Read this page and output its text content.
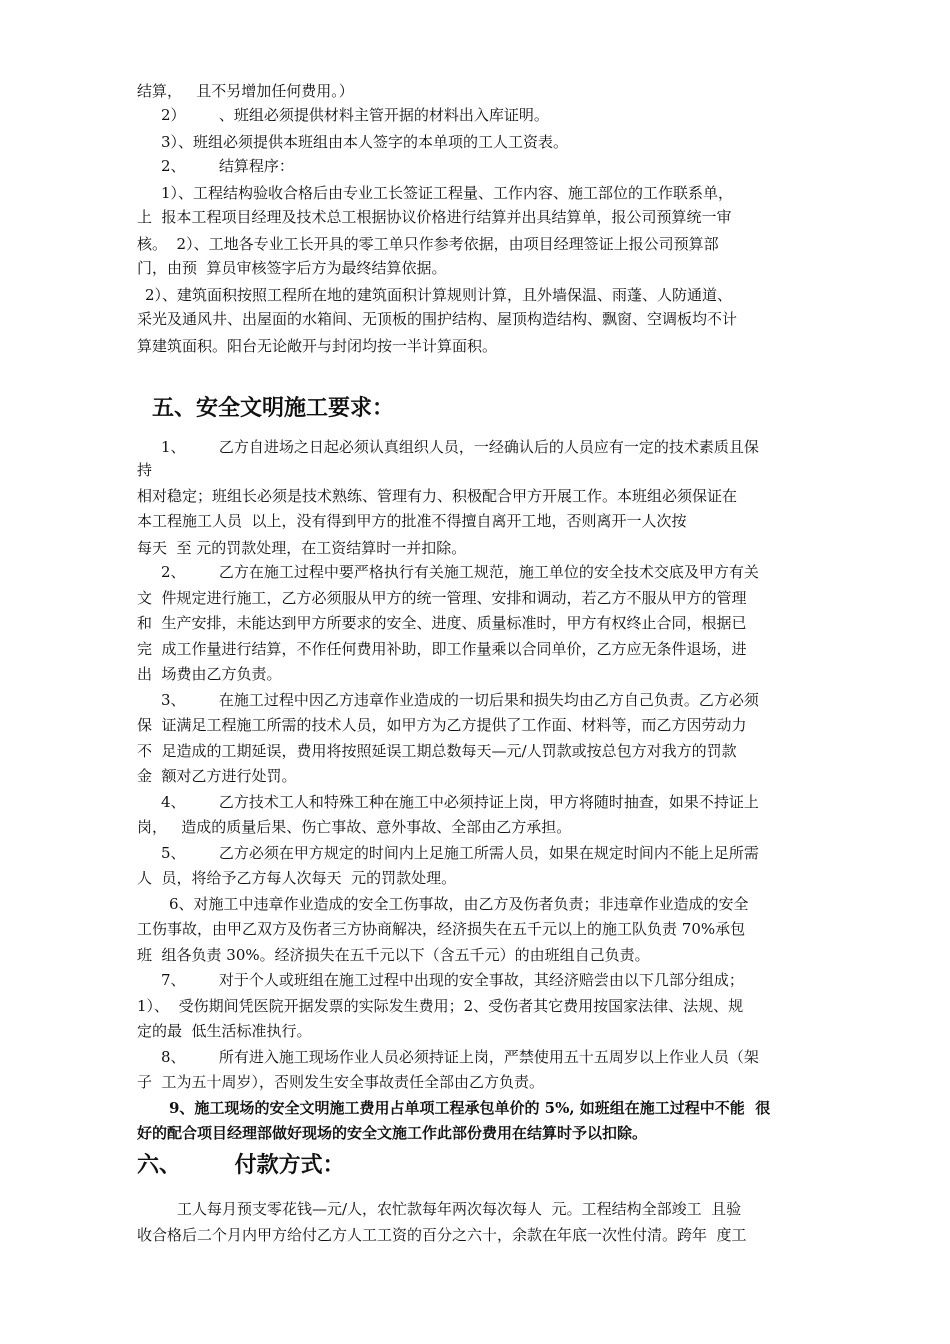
结算，   且不另增加任何费用。）
2）       、班组必须提供材料主管开据的材料出入库证明。
3）、班组必须提供本班组由本人签字的本单项的工人工资表。
2、       结算程序：
1）、工程结构验收合格后由专业工长签证工程量、工作内容、施工部位的工作联系单，
上  报本工程项目经理及技术总工根据协议价格进行结算并出具结算单，报公司预算统一审
核。  2）、工地各专业工长开具的零工单只作参考依据，由项目经理签证上报公司预算部
门，由预  算员审核签字后方为最终结算依据。
2）、建筑面积按照工程所在地的建筑面积计算规则计算，且外墙保温、雨蓬、人防通道、
采光及通风井、出屋面的水箱间、无顶板的围护结构、屋顶构造结构、飘窗、空调板均不计
算建筑面积。阳台无论敞开与封闭均按一半计算面积。
五、安全文明施工要求：
1、       乙方自进场之日起必须认真组织人员，一经确认后的人员应有一定的技术素质且保
持
相对稳定；班组长必须是技术熟练、管理有力、积极配合甲方开展工作。本班组必须保证在
本工程施工人员  以上，没有得到甲方的批准不得擅自离开工地，否则离开一人次按
每天  至 元的罚款处理，在工资结算时一并扣除。
2、       乙方在施工过程中要严格执行有关施工规范，施工单位的安全技术交底及甲方有关
文  件规定进行施工，乙方必须服从甲方的统一管理、安排和调动，若乙方不服从甲方的管理
和  生产安排，未能达到甲方所要求的安全、进度、质量标准时，甲方有权终止合同，根据已
完  成工作量进行结算，不作任何费用补助，即工作量乘以合同单价，乙方应无条件退场，进
出  场费由乙方负责。
3、       在施工过程中因乙方违章作业造成的一切后果和损失均由乙方自己负责。乙方必须
保  证满足工程施工所需的技术人员，如甲方为乙方提供了工作面、材料等，而乙方因劳动力
不  足造成的工期延误，费用将按照延误工期总数每天—元/人罚款或按总包方对我方的罚款
金  额对乙方进行处罚。
4、       乙方技术工人和特殊工种在施工中必须持证上岗，甲方将随时抽查，如果不持证上
岗，   造成的质量后果、伤亡事故、意外事故、全部由乙方承担。
5、       乙方必须在甲方规定的时间内上足施工所需人员，如果在规定时间内不能上足所需
人  员，将给予乙方每人次每天  元的罚款处理。
6、对施工中违章作业造成的安全工伤事故，由乙方及伤者负责；非违章作业造成的安全
工伤事故，由甲乙双方及伤者三方协商解决，经济损失在五千元以上的施工队负责 70%承包
班  组各负责 30%。经济损失在五千元以下（含五千元）的由班组自己负责。
7、       对于个人或班组在施工过程中出现的安全事故，其经济赔尝由以下几部分组成；
1）、  受伤期间凭医院开据发票的实际发生费用；2、受伤者其它费用按国家法律、法规、规
定的最  低生活标准执行。
8、       所有进入施工现场作业人员必须持证上岗，严禁使用五十五周岁以上作业人员（架
子  工为五十周岁），否则发生安全事故责任全部由乙方负责。
9、施工现场的安全文明施工费用占单项工程承包单价的 5%, 如班组在施工过程中不能  很
好的配合项目经理部做好现场的安全文施工作此部份费用在结算时予以扣除。
六、       付款方式：
工人每月预支零花钱—元/人，农忙款每年两次每次每人  元。工程结构全部竣工  且验
收合格后二个月内甲方给付乙方人工工资的百分之六十，余款在年底一次性付清。跨年  度工
